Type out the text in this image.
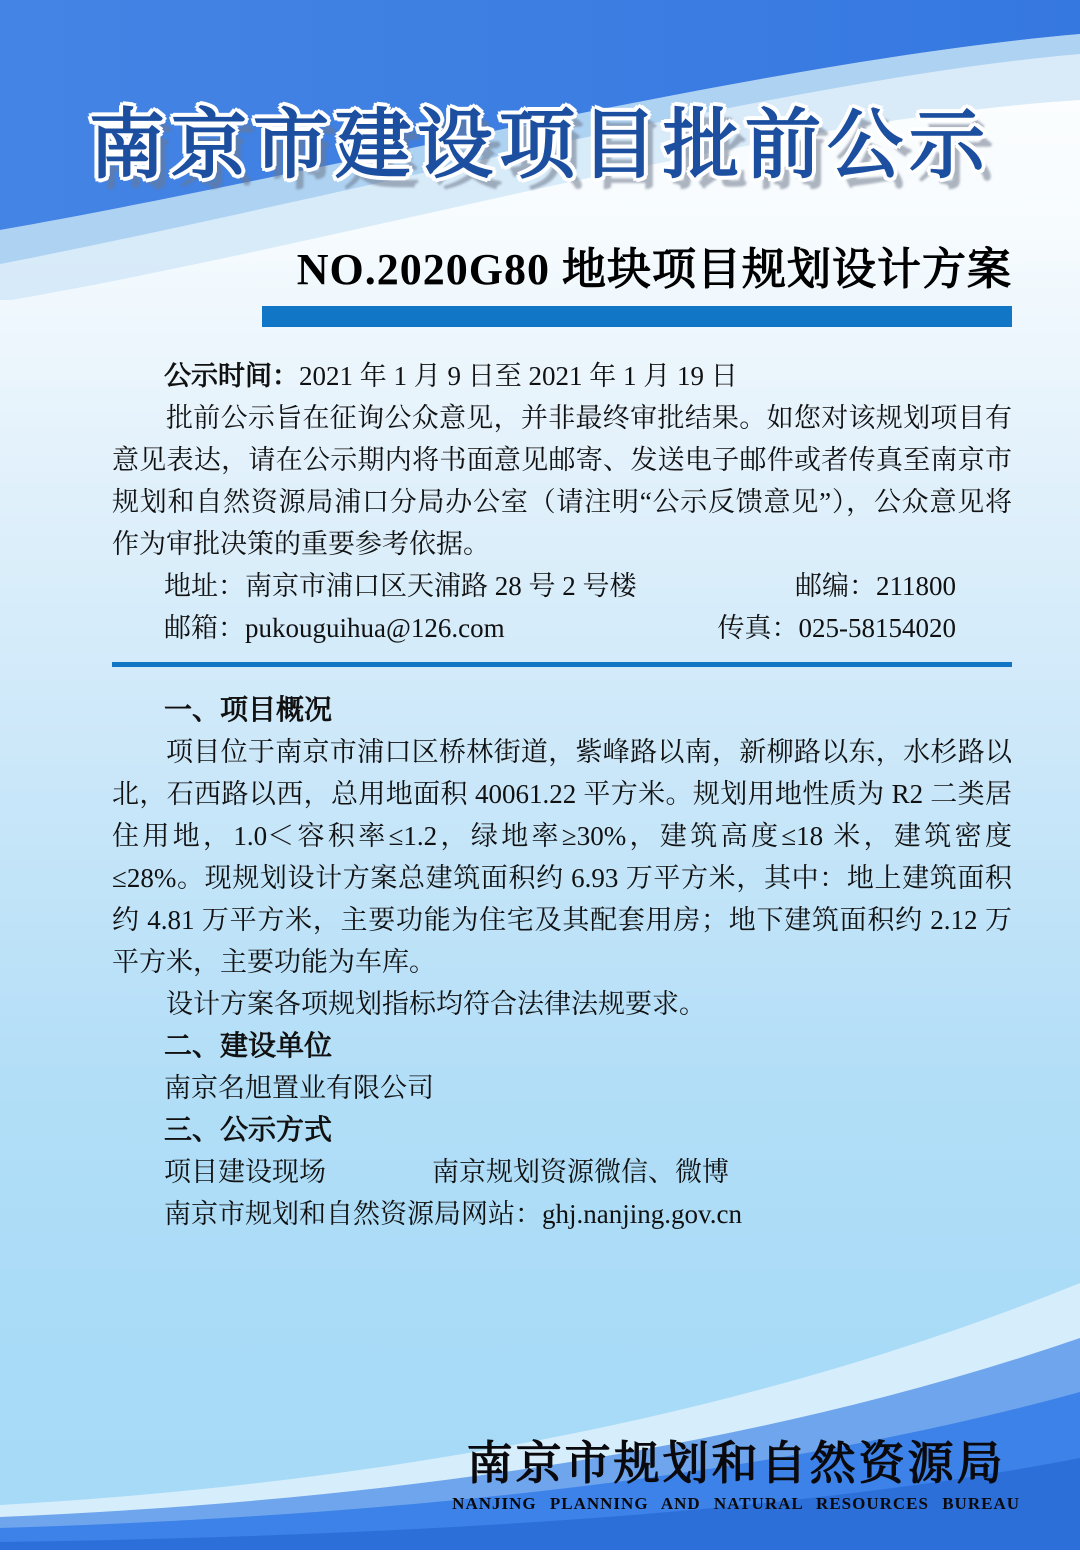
南京市建设项目批前公示
NO.2020G80 地块项目规划设计方案
公示时间：2021 年 1 月 9 日至 2021 年 1 月 19 日

批前公示旨在征询公众意见，并非最终审批结果。如您对该规划项目有意见表达，请在公示期内将书面意见邮寄、发送电子邮件或者传真至南京市规划和自然资源局浦口分局办公室（请注明“公示反馈意见”），公众意见将作为审批决策的重要参考依据。

地址：南京市浦口区天浦路 28 号 2 号楼	邮编：211800
邮箱：pukouguihua@126.com	传真：025-58154020
一、项目概况

项目位于南京市浦口区桥林街道，紫峰路以南，新柳路以东，水杉路以北，石西路以西，总用地面积 40061.22 平方米。规划用地性质为 R2 二类居住用地，1.0＜容积率≤1.2，绿地率≥30%，建筑高度≤18 米，建筑密度≤28%。现规划设计方案总建筑面积约 6.93 万平方米，其中：地上建筑面积约 4.81 万平方米，主要功能为住宅及其配套用房；地下建筑面积约 2.12 万平方米，主要功能为车库。

设计方案各项规划指标均符合法律法规要求。

二、建设单位
南京名旭置业有限公司
三、公示方式
项目建设现场	南京规划资源微信、微博
南京市规划和自然资源局网站：ghj.nanjing.gov.cn
南京市规划和自然资源局
NANJING PLANNING AND NATURAL RESOURCES BUREAU
